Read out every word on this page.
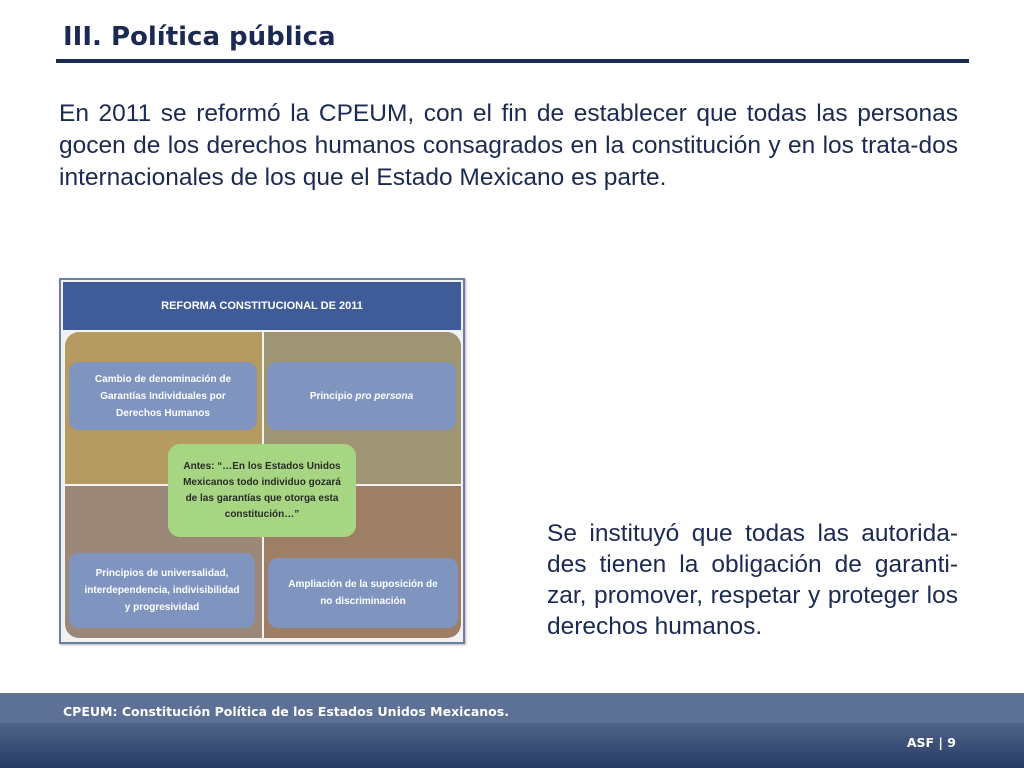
III. Política pública
En 2011 se reformó la CPEUM, con el fin de establecer que todas las personas gocen de los derechos humanos consagrados en la constitución y en los trata-dos internacionales de los que el Estado Mexicano es parte.
REFORMA CONSTITUCIONAL DE 2011
Cambio de denominación de Garantías Individuales por Derechos Humanos
Principio pro persona
Antes: “…En los Estados Unidos Mexicanos todo individuo gozará de las garantías que otorga esta constitución…”
Principios de universalidad, interdependencia, indivisibilidad y progresividad
Ampliación de la suposición de no discriminación
Se instituyó que todas las autorida-des tienen la obligación de garanti-zar, promover, respetar y proteger los derechos humanos.
CPEUM: Constitución Política de los Estados Unidos Mexicanos.
ASF | 9
